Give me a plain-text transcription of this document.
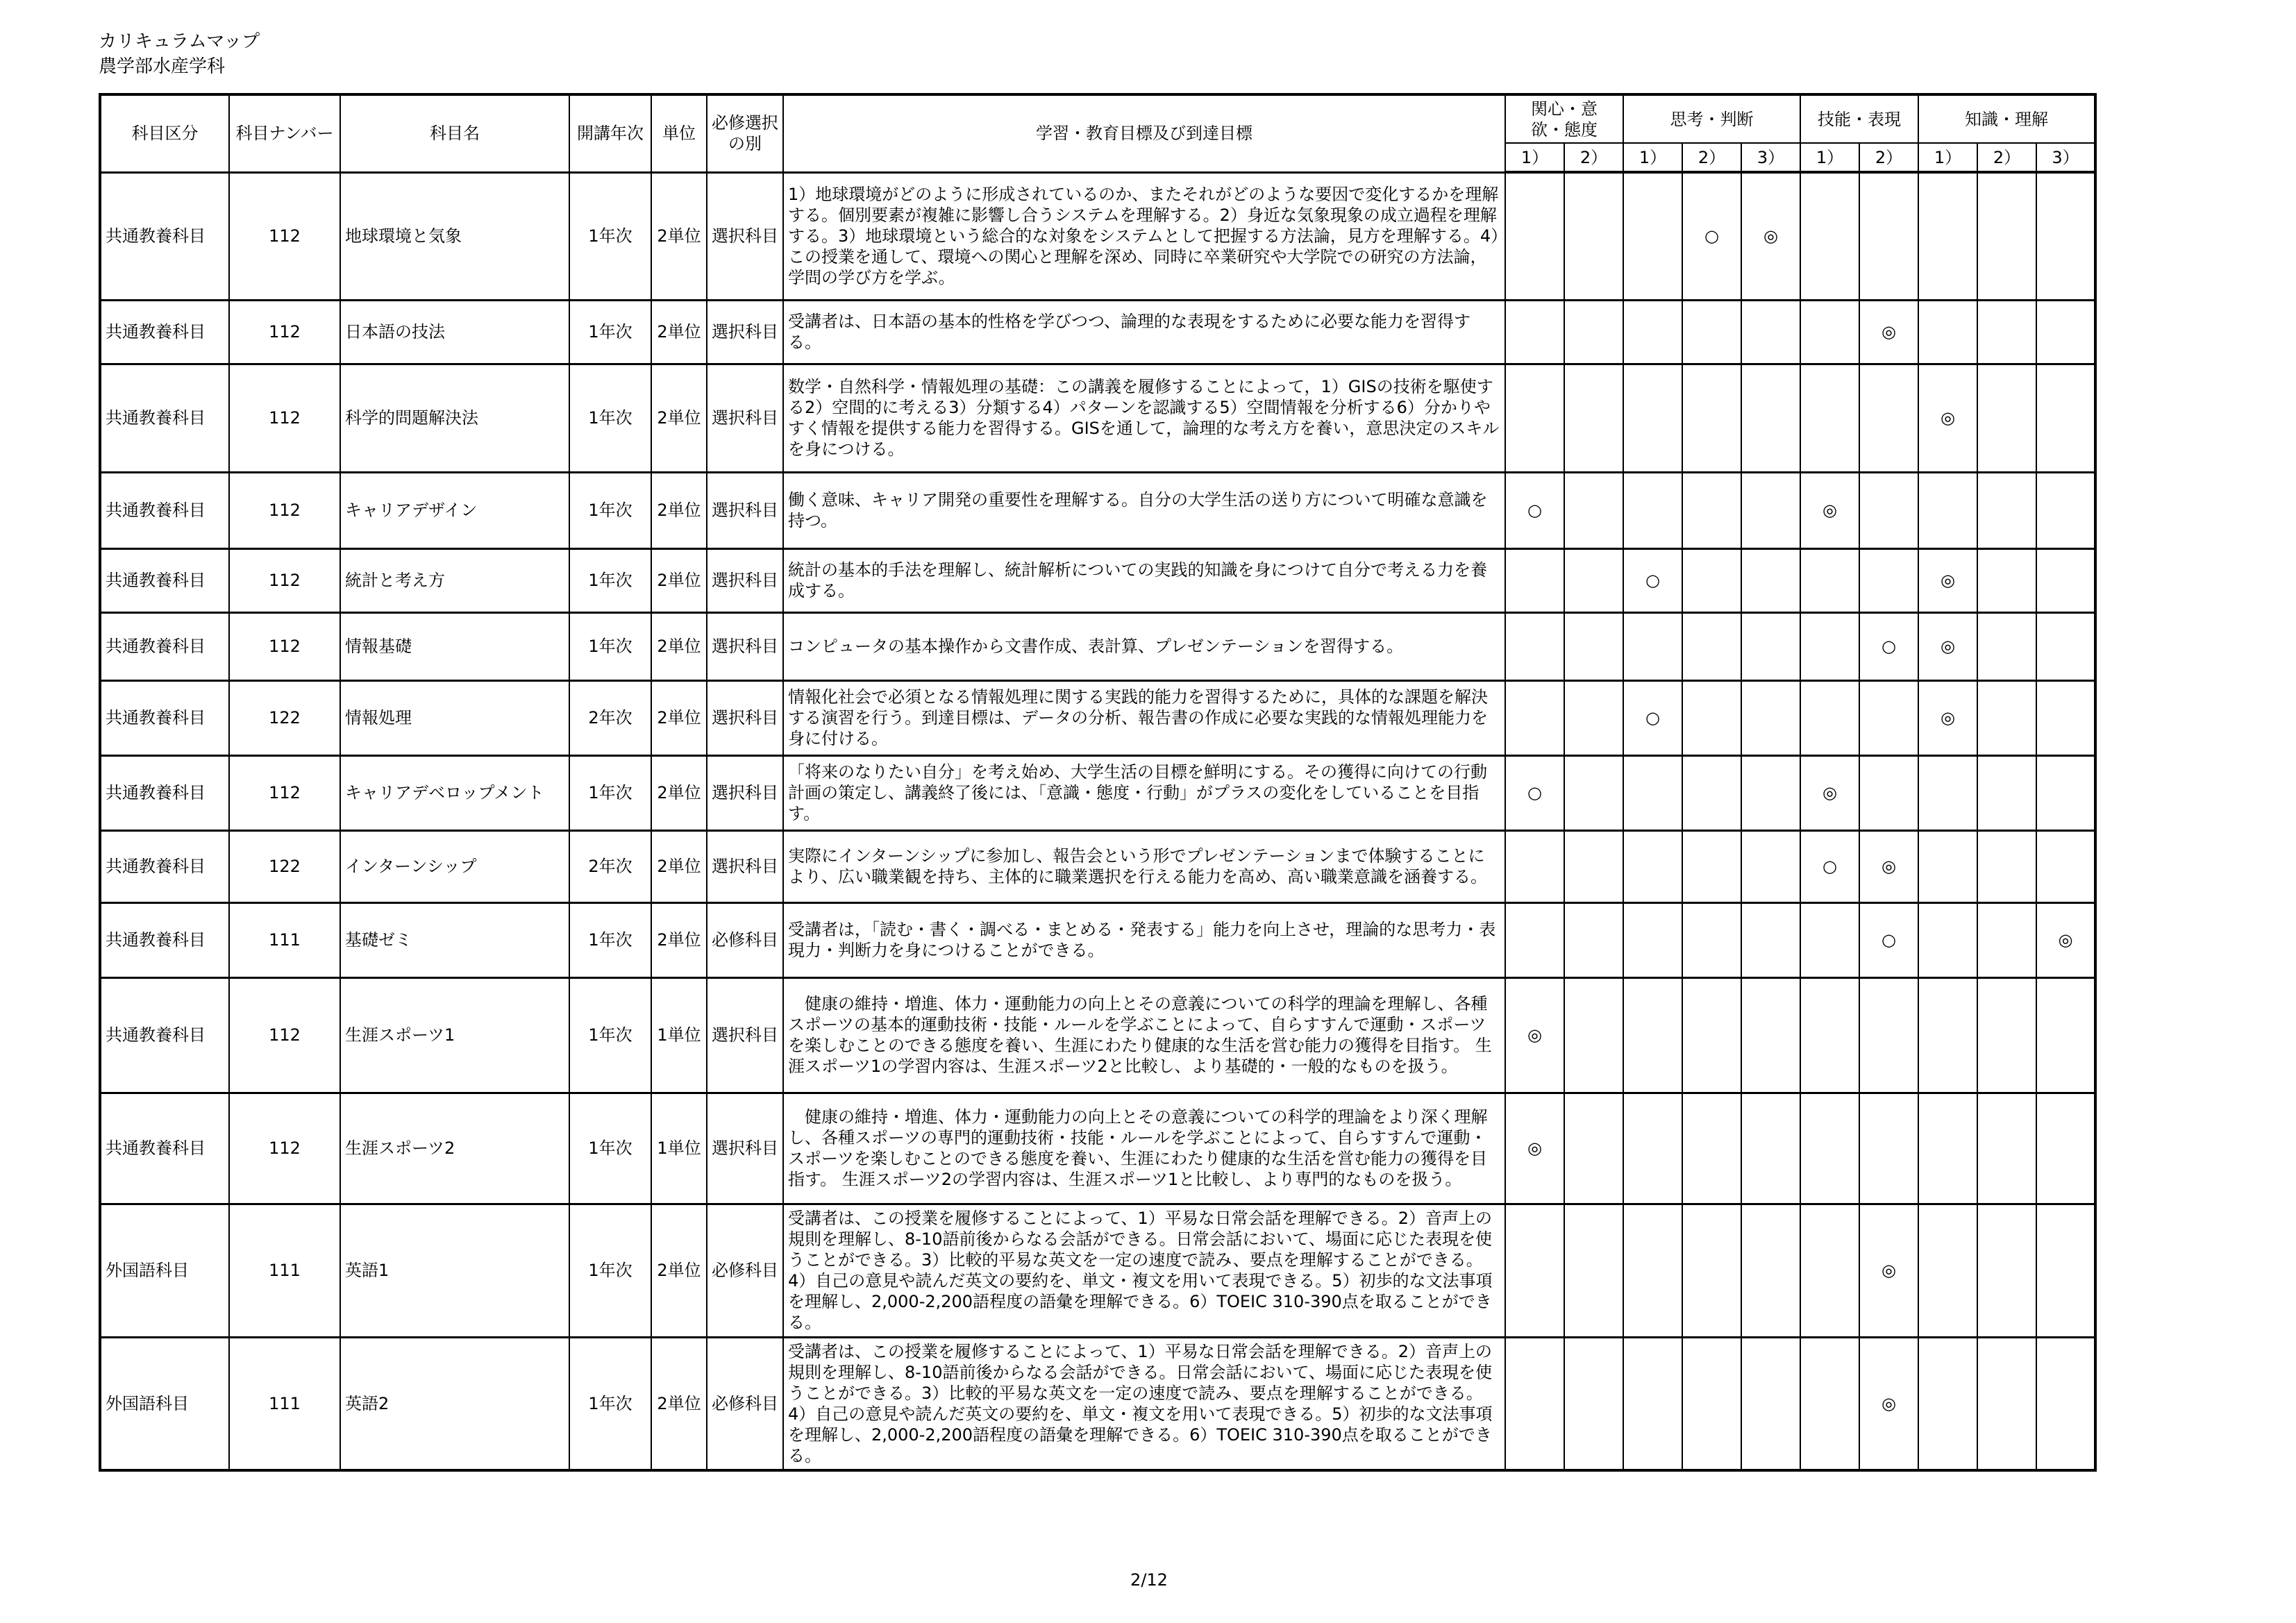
カリキュラムマップ
農学部水産学科
科目区分	科目ナンバー	科目名	開講年次	単位	必修選択の別	学習・教育目標及び到達目標	関心・意欲・態度		思考・判断			技能・表現		知識・理解		
							1）	2）	1）	2）	3）	1）	2）	1）	2）	3）
共通教養科目	112	地球環境と気象	1年次	2単位	選択科目	1）地球環境がどのように形成されているのか、またそれがどのような要因で変化するかを理解する。個別要素が複雑に影響し合うシステムを理解する。2）身近な気象現象の成立過程を理解する。3）地球環境という総合的な対象をシステムとして把握する方法論，見方を理解する。4）この授業を通して、環境への関心と理解を深め、同時に卒業研究や大学院での研究の方法論，学問の学び方を学ぶ。				○	◎					
共通教養科目	112	日本語の技法	1年次	2単位	選択科目	受講者は、日本語の基本的性格を学びつつ、論理的な表現をするために必要な能力を習得する。							◎			
共通教養科目	112	科学的問題解決法	1年次	2単位	選択科目	数学・自然科学・情報処理の基礎：この講義を履修することによって，1）GISの技術を駆使する2）空間的に考える3）分類する4）パターンを認識する5）空間情報を分析する6）分かりやすく情報を提供する能力を習得する。GISを通して，論理的な考え方を養い，意思決定のスキルを身につける。								◎		
共通教養科目	112	キャリアデザイン	1年次	2単位	選択科目	働く意味、キャリア開発の重要性を理解する。自分の大学生活の送り方について明確な意識を持つ。	○					◎				
共通教養科目	112	統計と考え方	1年次	2単位	選択科目	統計の基本的手法を理解し、統計解析についての実践的知識を身につけて自分で考える力を養成する。			○					◎		
共通教養科目	112	情報基礎	1年次	2単位	選択科目	コンピュータの基本操作から文書作成、表計算、プレゼンテーションを習得する。							○	◎		
共通教養科目	122	情報処理	2年次	2単位	選択科目	情報化社会で必須となる情報処理に関する実践的能力を習得するために，具体的な課題を解決する演習を行う。到達目標は、データの分析、報告書の作成に必要な実践的な情報処理能力を身に付ける。			○					◎		
共通教養科目	112	キャリアデベロップメント	1年次	2単位	選択科目	「将来のなりたい自分」を考え始め、大学生活の目標を鮮明にする。その獲得に向けての行動計画の策定し、講義終了後には、「意識・態度・行動」がプラスの変化をしていることを目指す。	○					◎				
共通教養科目	122	インターンシップ	2年次	2単位	選択科目	実際にインターンシップに参加し、報告会という形でプレゼンテーションまで体験することにより、広い職業観を持ち、主体的に職業選択を行える能力を高め、高い職業意識を涵養する。						○	◎			
共通教養科目	111	基礎ゼミ	1年次	2単位	必修科目	受講者は，「読む・書く・調べる・まとめる・発表する」能力を向上させ，理論的な思考力・表現力・判断力を身につけることができる。							○			◎
共通教養科目	112	生涯スポーツ1	1年次	1単位	選択科目	　健康の維持・増進、体力・運動能力の向上とその意義についての科学的理論を理解し、各種スポーツの基本的運動技術・技能・ルールを学ぶことによって、自らすすんで運動・スポーツを楽しむことのできる態度を養い、生涯にわたり健康的な生活を営む能力の獲得を目指す。 生涯スポーツ1の学習内容は、生涯スポーツ2と比較し、より基礎的・一般的なものを扱う。	◎									
共通教養科目	112	生涯スポーツ2	1年次	1単位	選択科目	　健康の維持・増進、体力・運動能力の向上とその意義についての科学的理論をより深く理解し、各種スポーツの専門的運動技術・技能・ルールを学ぶことによって、自らすすんで運動・スポーツを楽しむことのできる態度を養い、生涯にわたり健康的な生活を営む能力の獲得を目指す。 生涯スポーツ2の学習内容は、生涯スポーツ1と比較し、より専門的なものを扱う。	◎									
外国語科目	111	英語1	1年次	2単位	必修科目	受講者は、この授業を履修することによって、1）平易な日常会話を理解できる。2）音声上の規則を理解し、8-10語前後からなる会話ができる。日常会話において、場面に応じた表現を使うことができる。3）比較的平易な英文を一定の速度で読み、要点を理解することができる。4）自己の意見や読んだ英文の要約を、単文・複文を用いて表現できる。5）初歩的な文法事項を理解し、2,000-2,200語程度の語彙を理解できる。6）TOEIC 310-390点を取ることができる。							◎			
外国語科目	111	英語2	1年次	2単位	必修科目	受講者は、この授業を履修することによって、1）平易な日常会話を理解できる。2）音声上の規則を理解し、8-10語前後からなる会話ができる。日常会話において、場面に応じた表現を使うことができる。3）比較的平易な英文を一定の速度で読み、要点を理解することができる。4）自己の意見や読んだ英文の要約を、単文・複文を用いて表現できる。5）初歩的な文法事項を理解し、2,000-2,200語程度の語彙を理解できる。6）TOEIC 310-390点を取ることができる。							◎			
2/12
